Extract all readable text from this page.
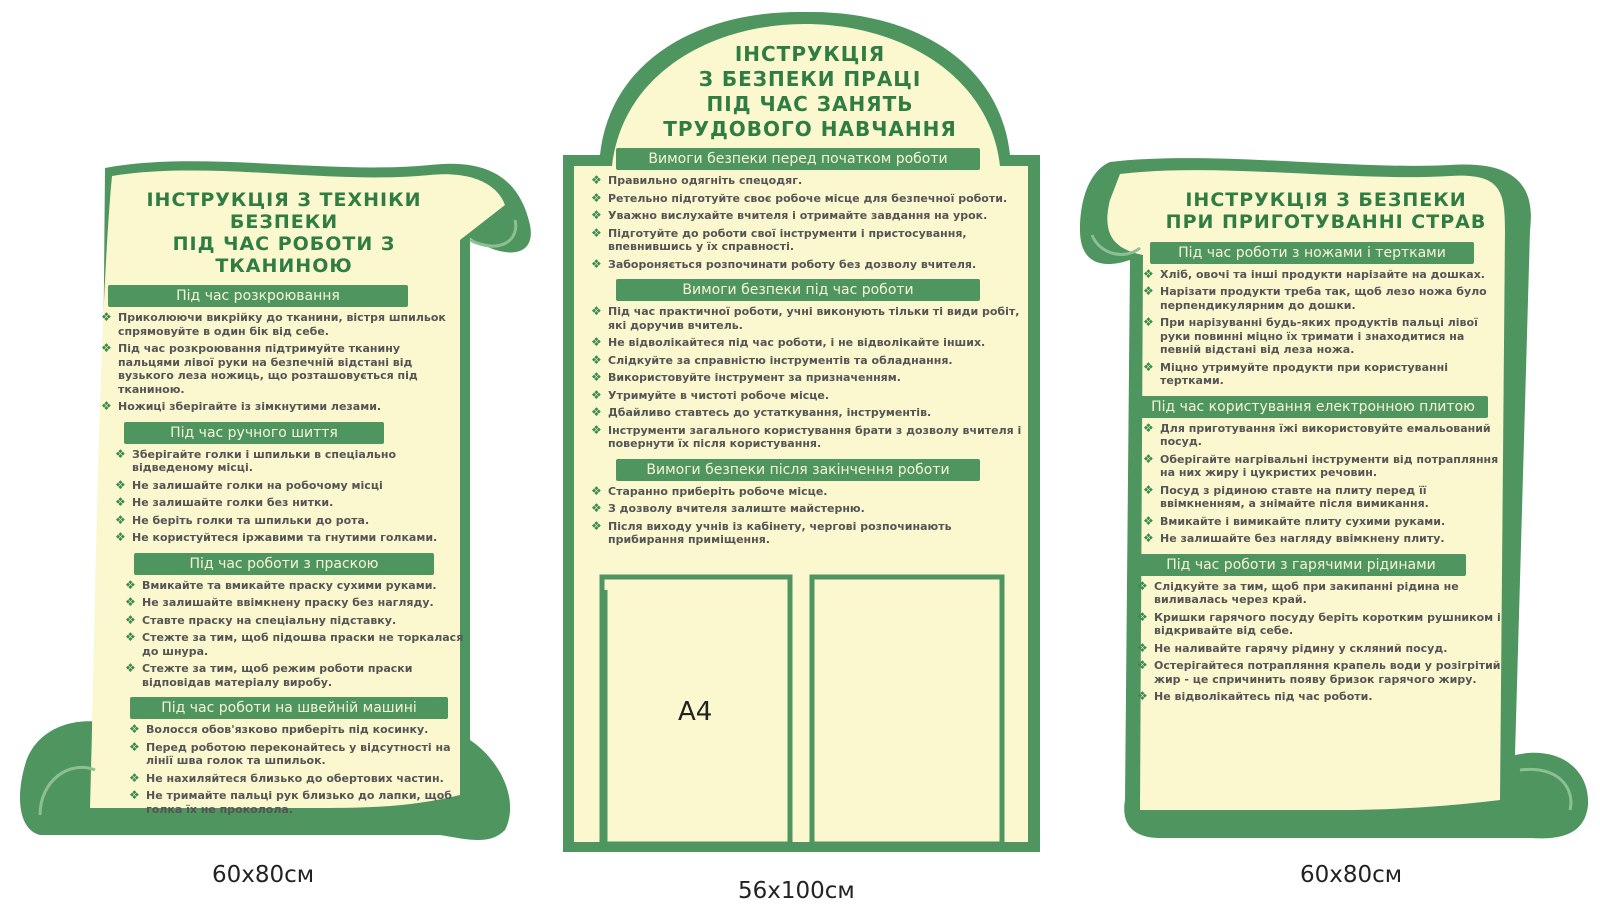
ІНСТРУКЦІЯ З ТЕХНІКИ БЕЗПЕКИ
ПІД ЧАС РОБОТИ З ТКАНИНОЮ
Під час розкроювання
❖ Приколюючи викрійку до тканини, вістря шпильок спрямовуйте в один бік від себе.
❖ Під час розкроювання підтримуйте тканину пальцями лівої руки на безпечній відстані від вузького леза ножиць, що розташовується під тканиною.
❖ Ножиці зберігайте із зімкнутими лезами.
Під час ручного шиття
❖ Зберігайте голки і шпильки в спеціально відведеному місці.
❖ Не залишайте голки на робочому місці
❖ Не залишайте голки без нитки.
❖ Не беріть голки та шпильки до рота.
❖ Не користуйтеся іржавими та гнутими голками.
Під час роботи з праскою
❖ Вмикайте та вмикайте праску сухими руками.
❖ Не залишайте ввімкнену праску без нагляду.
❖ Ставте праску на спеціальну підставку.
❖ Стежте за тим, щоб підошва праски не торкалася до шнура.
❖ Стежте за тим, щоб режим роботи праски відповідав матеріалу виробу.
Під час роботи на швейній машині
❖ Волосся обов'язково приберіть під косинку.
❖ Перед роботою переконайтесь у відсутності на лінії шва голок та шпильок.
❖ Не нахиляйтеся близько до обертових частин.
❖ Не тримайте пальці рук близько до лапки, щоб голка їх не проколола.
ІНСТРУКЦІЯ
З БЕЗПЕКИ ПРАЦІ
ПІД ЧАС ЗАНЯТЬ
ТРУДОВОГО НАВЧАННЯ
Вимоги безпеки перед початком роботи
❖ Правильно одягніть спецодяг.
❖ Ретельно підготуйте своє робоче місце для безпечної роботи.
❖ Уважно вислухайте вчителя і отримайте завдання на урок.
❖ Підготуйте до роботи свої інструменти і пристосування, впевнившись у їх справності.
❖ Забороняється розпочинати роботу без дозволу вчителя.
Вимоги безпеки під час роботи
❖ Під час практичної роботи, учні виконують тільки ті види робіт, які доручив вчитель.
❖ Не відволікайтеся під час роботи, і не відволікайте інших.
❖ Слідкуйте за справністю інструментів та обладнання.
❖ Використовуйте інструмент за призначенням.
❖ Утримуйте в чистоті робоче місце.
❖ Дбайливо ставтесь до устаткування, інструментів.
❖ Інструменти загального користування брати з дозволу вчителя і повернути їх після користування.
Вимоги безпеки після закінчення роботи
❖ Старанно приберіть робоче місце.
❖ З дозволу вчителя залиште майстерню.
❖ Після виходу учнів із кабінету, чергові розпочинають прибирання приміщення.
А4
ІНСТРУКЦІЯ З БЕЗПЕКИ
ПРИ ПРИГОТУВАННІ СТРАВ
Під час роботи з ножами і тертками
❖ Хліб, овочі та інші продукти нарізайте на дошках.
❖ Нарізати продукти треба так, щоб лезо ножа було перпендикулярним до дошки.
❖ При нарізуванні будь-яких продуктів пальці лівої руки повинні міцно їх тримати і знаходитися на певній відстані від леза ножа.
❖ Міцно утримуйте продукти при користуванні тертками.
Під час користування електронною плитою
❖ Для приготування їжі використовуйте емальований посуд.
❖ Оберігайте нагрівальні інструменти від потрапляння на них жиру і цукристих речовин.
❖ Посуд з рідиною ставте на плиту перед її ввімкненням, а знімайте після вимикання.
❖ Вмикайте і вимикайте плиту сухими руками.
❖ Не залишайте без нагляду ввімкнену плиту.
Під час роботи з гарячими рідинами
❖ Слідкуйте за тим, щоб при закипанні рідина не виливалась через край.
❖ Кришки гарячого посуду беріть коротким рушником і відкривайте від себе.
❖ Не наливайте гарячу рідину у скляний посуд.
❖ Остерігайтеся потрапляння крапель води у розігрітий жир - це спричинить появу бризок гарячого жиру.
❖ Не відволікайтесь під час роботи.
60х80см
56х100см
60х80см
